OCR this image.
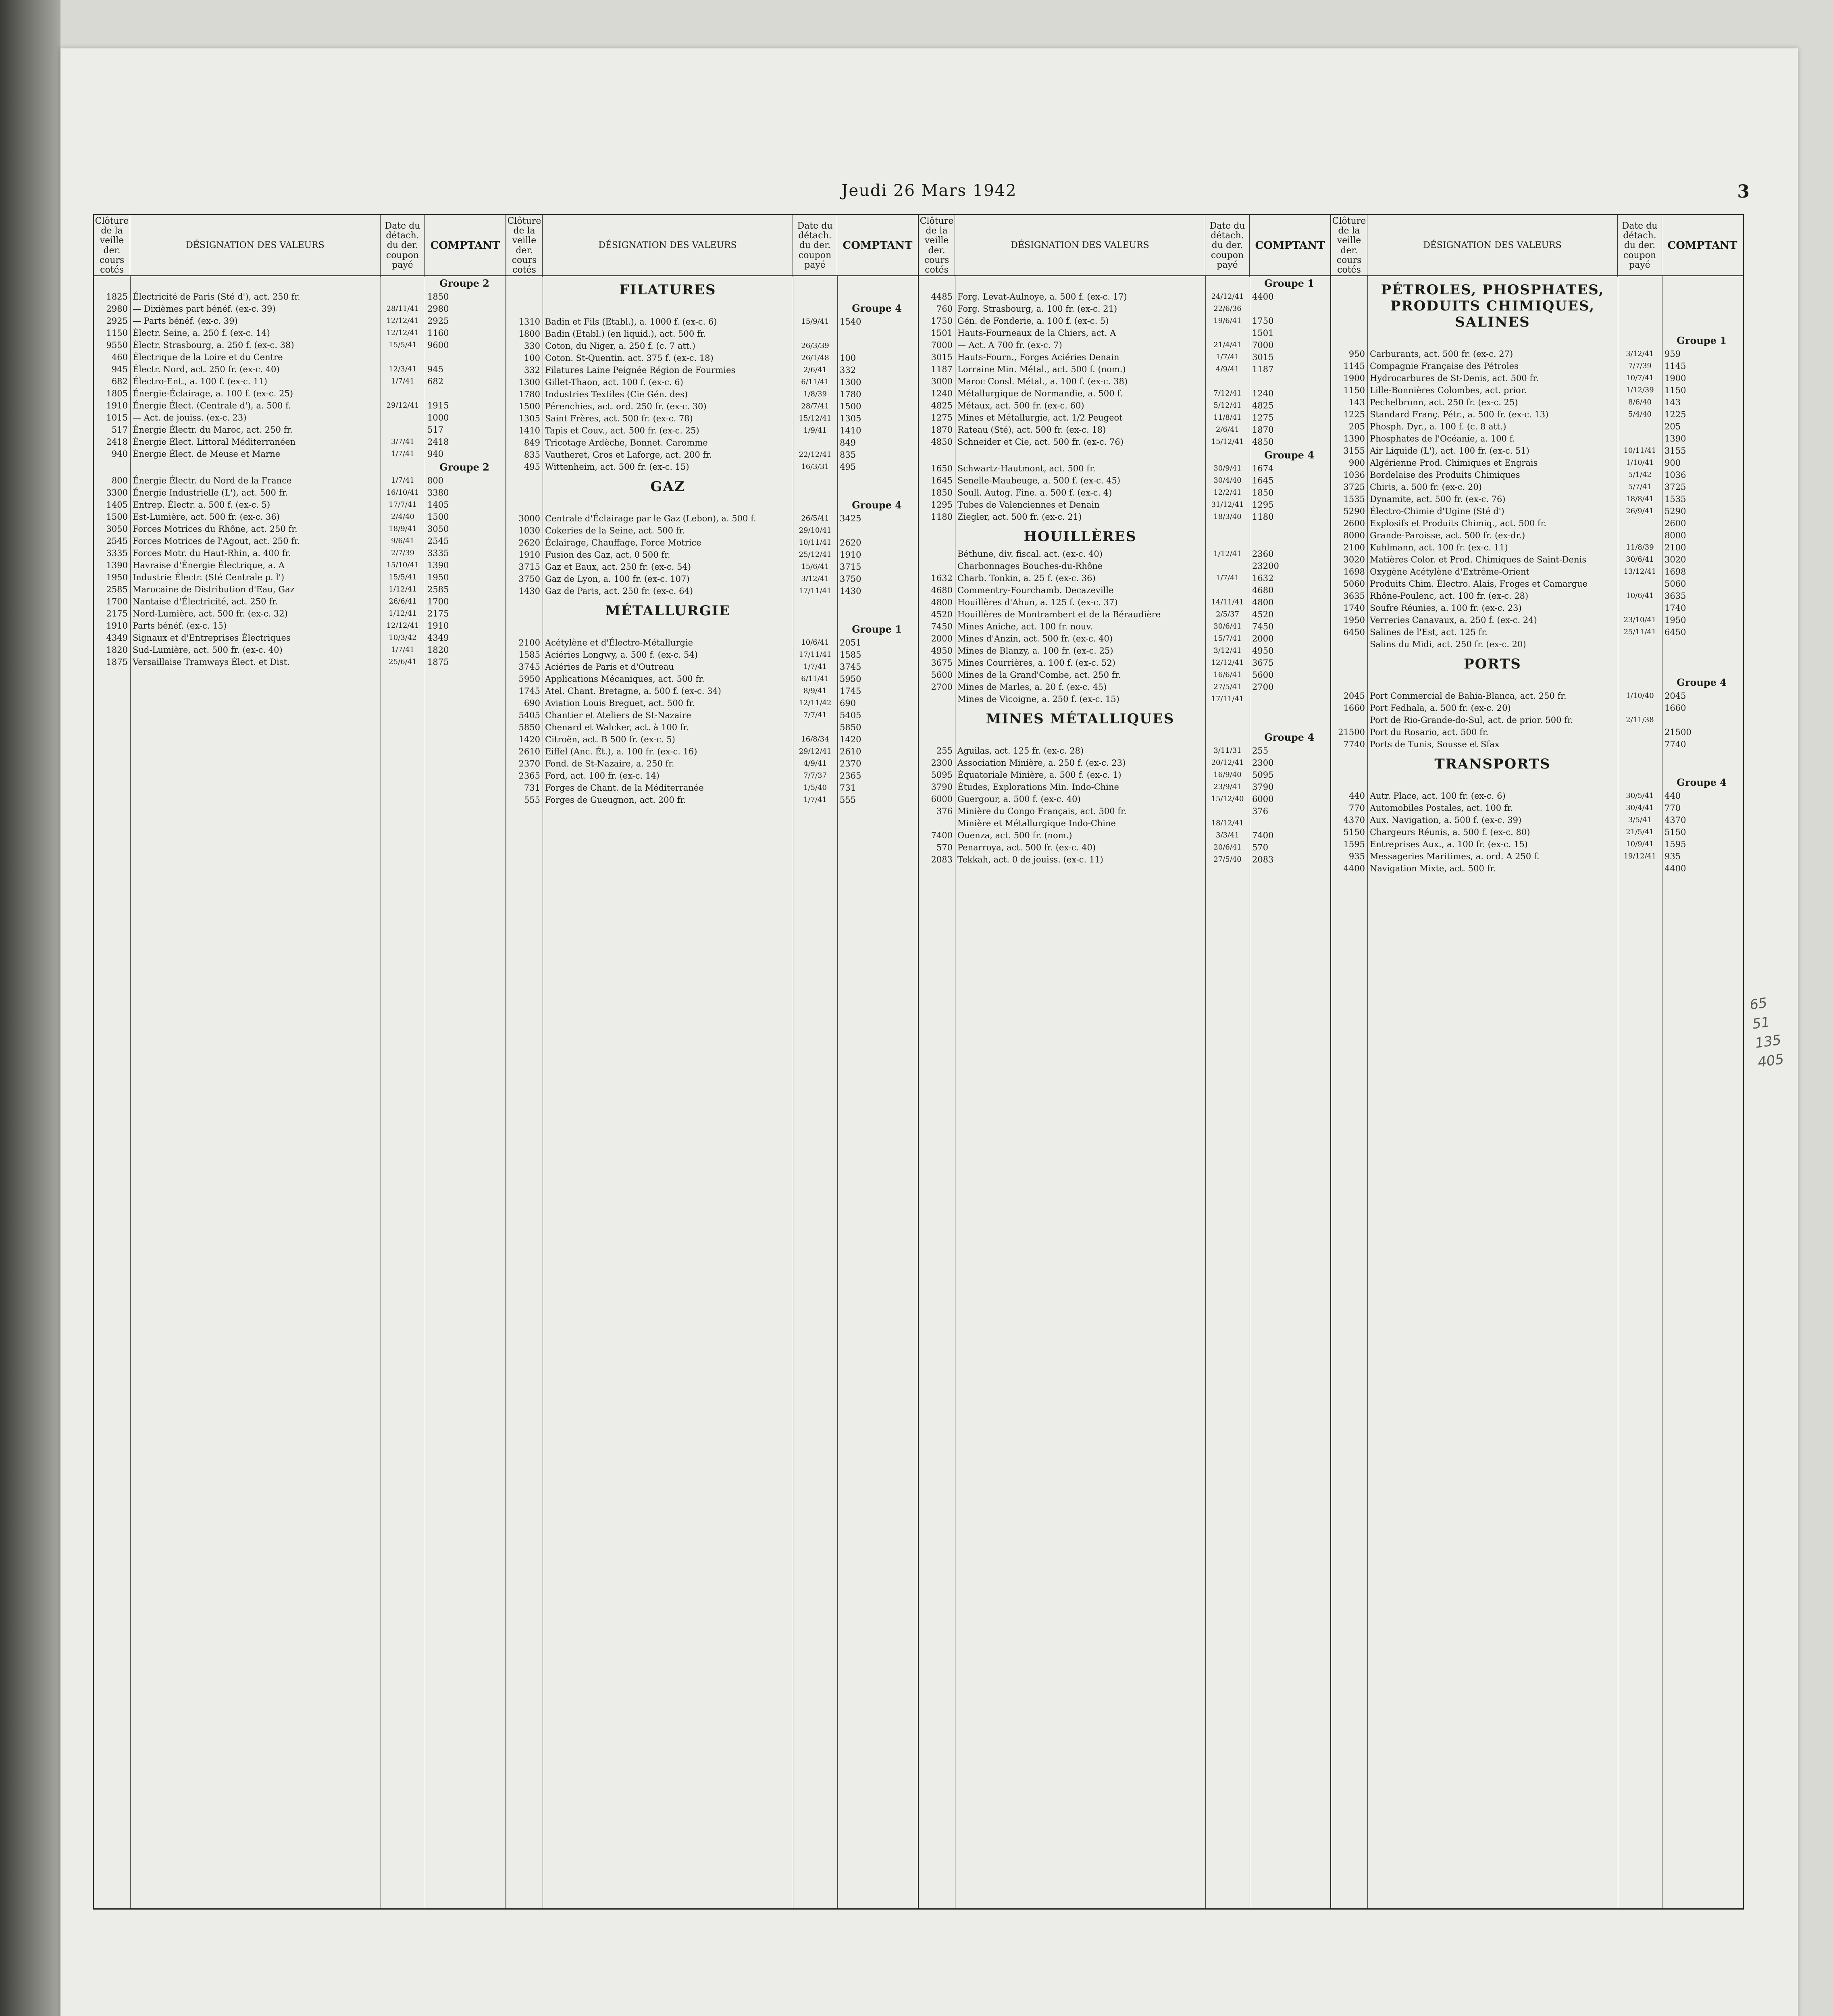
Jeudi 26 Mars 1942	3
Clôture de la veille der. cours cotés
DÉSIGNATION DES VALEURS
Date du détach. du der. coupon payé
COMPTANT
Groupe 2
1825 Électricité de Paris (Sté d'), act. 250 fr.	1850
2980 — Dixièmes part bénéf. (ex-c. 39)	28/11/41 2980
2925 — Parts bénéf. (ex-c. 39)	12/12/41 2925
1150 Électr. Seine, a. 250 f. (ex-c. 14)	12/12/41 1160
9550 Électr. Strasbourg, a. 250 f. (ex-c. 38)	15/5/41	9600
460 Électrique de la Loire et du Centre
945 Électr. Nord, act. 250 fr. (ex-c. 40)	12/3/41	945
682 Électro-Ent., a. 100 f. (ex-c. 11)	1/7/41	682
1805 Énergie-Éclairage, a. 100 f. (ex-c. 25)
1910 Énergie Élect. (Centrale d'), a. 500 f.	29/12/41 1915
1015 — Act. de jouiss. (ex-c. 23)	1000
517 Énergie Électr. du Maroc, act. 250 fr.	517
2418 Énergie Élect. Littoral Méditerranéen	3/7/41	2418
940 Énergie Élect. de Meuse et Marne	1/7/41	940
Groupe 2
800 Énergie Électr. du Nord de la France	1/7/41	800
3300 Énergie Industrielle (L'), act. 500 fr.	16/10/41 3380
1405 Entrep. Électr. a. 500 f. (ex-c. 5)	17/7/41	1405
1500 Est-Lumière, act. 500 fr. (ex-c. 36)	2/4/40	1500
3050 Forces Motrices du Rhône, act. 250 fr.	18/9/41	3050
2545 Forces Motrices de l'Agout, act. 250 fr.	9/6/41	2545
3335 Forces Motr. du Haut-Rhin, a. 400 fr.	2/7/39	3335
1390 Havraise d'Énergie Électrique, a. A	15/10/41 1390
1950 Industrie Électr. (Sté Centrale p. l')	15/5/41	1950
2585 Marocaine de Distribution d'Eau, Gaz	1/12/41	2585
1700 Nantaise d'Électricité, act. 250 fr.	26/6/41	1700
2175 Nord-Lumière, act. 500 fr. (ex-c. 32)	1/12/41	2175
1910 Parts bénéf. (ex-c. 15)	12/12/41 1910
4349 Signaux et d'Entreprises Électriques	10/3/42	4349
1820 Sud-Lumière, act. 500 fr. (ex-c. 40)	1/7/41	1820
1875 Versaillaise Tramways Élect. et Dist.	25/6/41	1875
Clôture de la veille der. cours cotés
DÉSIGNATION DES VALEURS
Date du détach. du der. coupon payé
COMPTANT
FILATURES
Groupe 4
1310 Badin et Fils (Etabl.), a. 1000 f. (ex-c. 6)	15/9/41	1540
1800 Badin (Etabl.) (en liquid.), act. 500 fr.
330 Coton, du Niger, a. 250 f. (c. 7 att.)	26/3/39
100 Coton. St-Quentin. act. 375 f. (ex-c. 18)	26/1/48	100
332 Filatures Laine Peignée Région de Fourmies	2/6/41	332
1300 Gillet-Thaon, act. 100 f. (ex-c. 6)	6/11/41	1300
1780 Industries Textiles (Cie Gén. des)	1/8/39	1780
1500 Pérenchies, act. ord. 250 fr. (ex-c. 30)	28/7/41	1500
1305 Saint Frères, act. 500 fr. (ex-c. 78)	15/12/41 1305
1410 Tapis et Couv., act. 500 fr. (ex-c. 25)	1/9/41	1410
849 Tricotage Ardèche, Bonnet. Caromme	849
835 Vautheret, Gros et Laforge, act. 200 fr.	22/12/41 835
495 Wittenheim, act. 500 fr. (ex-c. 15)	16/3/31	495
GAZ
Groupe 4
3000 Centrale d'Éclairage par le Gaz (Lebon), a. 500 f.	26/5/41	3425
1030 Cokeries de la Seine, act. 500 fr.	29/10/41
2620 Éclairage, Chauffage, Force Motrice	10/11/41 2620
1910 Fusion des Gaz, act. 0 500 fr.	25/12/41 1910
3715 Gaz et Eaux, act. 250 fr. (ex-c. 54)	15/6/41	3715
3750 Gaz de Lyon, a. 100 fr. (ex-c. 107)	3/12/41	3750
1430 Gaz de Paris, act. 250 fr. (ex-c. 64)	17/11/41 1430
MÉTALLURGIE
Groupe 1
2100 Acétylène et d'Électro-Métallurgie	10/6/41	2051
1585 Aciéries Longwy, a. 500 f. (ex-c. 54)	17/11/41 1585
3745 Aciéries de Paris et d'Outreau	1/7/41	3745
5950 Applications Mécaniques, act. 500 fr.	6/11/41	5950
1745 Atel. Chant. Bretagne, a. 500 f. (ex-c. 34)	8/9/41	1745
690 Aviation Louis Breguet, act. 500 fr.	12/11/42 690
5405 Chantier et Ateliers de St-Nazaire	7/7/41	5405
5850 Chenard et Walcker, act. à 100 fr.	5850
1420 Citroën, act. B 500 fr. (ex-c. 5)	16/8/34	1420
2610 Eiffel (Anc. Ét.), a. 100 fr. (ex-c. 16)	29/12/41 2610
2370 Fond. de St-Nazaire, a. 250 fr.	4/9/41	2370
2365 Ford, act. 100 fr. (ex-c. 14)	7/7/37	2365
731 Forges de Chant. de la Méditerranée	1/5/40	731
555 Forges de Gueugnon, act. 200 fr.	1/7/41	555
Clôture de la veille der. cours cotés
DÉSIGNATION DES VALEURS
Date du détach. du der. coupon payé
COMPTANT
Groupe 1
4485 Forg. Levat-Aulnoye, a. 500 f. (ex-c. 17)	24/12/41 4400
760 Forg. Strasbourg, a. 100 fr. (ex-c. 21)	22/6/36
1750 Gén. de Fonderie, a. 100 f. (ex-c. 5)	19/6/41	1750
1501 Hauts-Fourneaux de la Chiers, act. A	1501
7000 — Act. A 700 fr. (ex-c. 7)	21/4/41	7000
3015 Hauts-Fourn., Forges Aciéries Denain	1/7/41	3015
1187 Lorraine Min. Métal., act. 500 f. (nom.)	4/9/41	1187
3000 Maroc Consl. Métal., a. 100 f. (ex-c. 38)
1240 Métallurgique de Normandie, a. 500 f.	7/12/41	1240
4825 Métaux, act. 500 fr. (ex-c. 60)	5/12/41	4825
1275 Mines et Métallurgie, act. 1/2 Peugeot	11/8/41	1275
1870 Rateau (Sté), act. 500 fr. (ex-c. 18)	2/6/41	1870
4850 Schneider et Cie, act. 500 fr. (ex-c. 76)	15/12/41 4850
Groupe 4
1650 Schwartz-Hautmont, act. 500 fr.	30/9/41	1674
1645 Senelle-Maubeuge, a. 500 f. (ex-c. 45)	30/4/40	1645
1850 Soull. Autog. Fine. a. 500 f. (ex-c. 4)	12/2/41	1850
1295 Tubes de Valenciennes et Denain	31/12/41 1295
1180 Ziegler, act. 500 fr. (ex-c. 21)	18/3/40	1180
HOUILLÈRES
Béthune, div. fiscal. act. (ex-c. 40)	1/12/41	2360
Charbonnages Bouches-du-Rhône	23200
1632 Charb. Tonkin, a. 25 f. (ex-c. 36)	1/7/41	1632
4680 Commentry-Fourchamb. Decazeville	4680
4800 Houillères d'Ahun, a. 125 f. (ex-c. 37)	14/11/41 4800
4520 Houillères de Montrambert et de la Béraudière	2/5/37	4520
7450 Mines Aniche, act. 100 fr. nouv.	30/6/41	7450
2000 Mines d'Anzin, act. 500 fr. (ex-c. 40)	15/7/41	2000
4950 Mines de Blanzy, a. 100 fr. (ex-c. 25)	3/12/41	4950
3675 Mines Courrières, a. 100 f. (ex-c. 52)	12/12/41 3675
5600 Mines de la Grand'Combe, act. 250 fr.	16/6/41	5600
2700 Mines de Marles, a. 20 f. (ex-c. 45)	27/5/41	2700
Mines de Vicoigne, a. 250 f. (ex-c. 15)	17/11/41
MINES MÉTALLIQUES
Groupe 4
255 Aguilas, act. 125 fr. (ex-c. 28)	3/11/31	255
2300 Association Minière, a. 250 f. (ex-c. 23)	20/12/41 2300
5095 Équatoriale Minière, a. 500 f. (ex-c. 1)	16/9/40	5095
3790 Études, Explorations Min. Indo-Chine	23/9/41	3790
6000 Guergour, a. 500 f. (ex-c. 40)	15/12/40 6000
376 Minière du Congo Français, act. 500 fr.	376
Minière et Métallurgique Indo-Chine	18/12/41
7400 Ouenza, act. 500 fr. (nom.)	3/3/41	7400
570 Penarroya, act. 500 fr. (ex-c. 40)	20/6/41	570
2083 Tekkah, act. 0 de jouiss. (ex-c. 11)	27/5/40	2083
Clôture de la veille der. cours cotés
DÉSIGNATION DES VALEURS
Date du détach. du der. coupon payé
COMPTANT
PÉTROLES, PHOSPHATES, PRODUITS CHIMIQUES, SALINES
Groupe 1
950 Carburants, act. 500 fr. (ex-c. 27)	3/12/41	959
1145 Compagnie Française des Pétroles	7/7/39	1145
1900 Hydrocarbures de St-Denis, act. 500 fr.	10/7/41	1900
1150 Lille-Bonnières Colombes, act. prior.	1/12/39	1150
143 Pechelbronn, act. 250 fr. (ex-c. 25)	8/6/40	143
1225 Standard Franç. Pétr., a. 500 fr. (ex-c. 13)	5/4/40	1225
205 Phosph. Dyr., a. 100 f. (c. 8 att.)	205
1390 Phosphates de l'Océanie, a. 100 f.	1390
3155 Air Liquide (L'), act. 100 fr. (ex-c. 51)	10/11/41 3155
900 Algérienne Prod. Chimiques et Engrais	1/10/41	900
1036 Bordelaise des Produits Chimiques	5/1/42	1036
3725 Chiris, a. 500 fr. (ex-c. 20)	5/7/41	3725
1535 Dynamite, act. 500 fr. (ex-c. 76)	18/8/41	1535
5290 Électro-Chimie d'Ugine (Sté d')	26/9/41	5290
2600 Explosifs et Produits Chimiq., act. 500 fr.	2600
8000 Grande-Paroisse, act. 500 fr. (ex-dr.)	8000
2100 Kuhlmann, act. 100 fr. (ex-c. 11)	11/8/39	2100
3020 Matières Color. et Prod. Chimiques de Saint-Denis	30/6/41	3020
1698 Oxygène Acétylène d'Extrême-Orient	13/12/41 1698
5060 Produits Chim. Électro. Alais, Froges et Camargue	5060
3635 Rhône-Poulenc, act. 100 fr. (ex-c. 28)	10/6/41	3635
1740 Soufre Réunies, a. 100 fr. (ex-c. 23)	1740
1950 Verreries Canavaux, a. 250 f. (ex-c. 24)	23/10/41 1950
6450 Salines de l'Est, act. 125 fr.	25/11/41 6450
Salins du Midi, act. 250 fr. (ex-c. 20)
PORTS
Groupe 4
2045 Port Commercial de Bahia-Blanca, act. 250 fr.	1/10/40	2045
1660 Port Fedhala, a. 500 fr. (ex-c. 20)	1660
Port de Rio-Grande-do-Sul, act. de prior. 500 fr.	2/11/38
21500 Port du Rosario, act. 500 fr.	21500
7740 Ports de Tunis, Sousse et Sfax	7740
TRANSPORTS
Groupe 4
440 Autr. Place, act. 100 fr. (ex-c. 6)	30/5/41	440
770 Automobiles Postales, act. 100 fr.	30/4/41	770
4370 Aux. Navigation, a. 500 f. (ex-c. 39)	3/5/41	4370
5150 Chargeurs Réunis, a. 500 f. (ex-c. 80)	21/5/41	5150
1595 Entreprises Aux., a. 100 fr. (ex-c. 15)	10/9/41	1595
935 Messageries Maritimes, a. ord. A 250 f.	19/12/41 935
4400 Navigation Mixte, act. 500 fr.	4400
65
51
135
405
